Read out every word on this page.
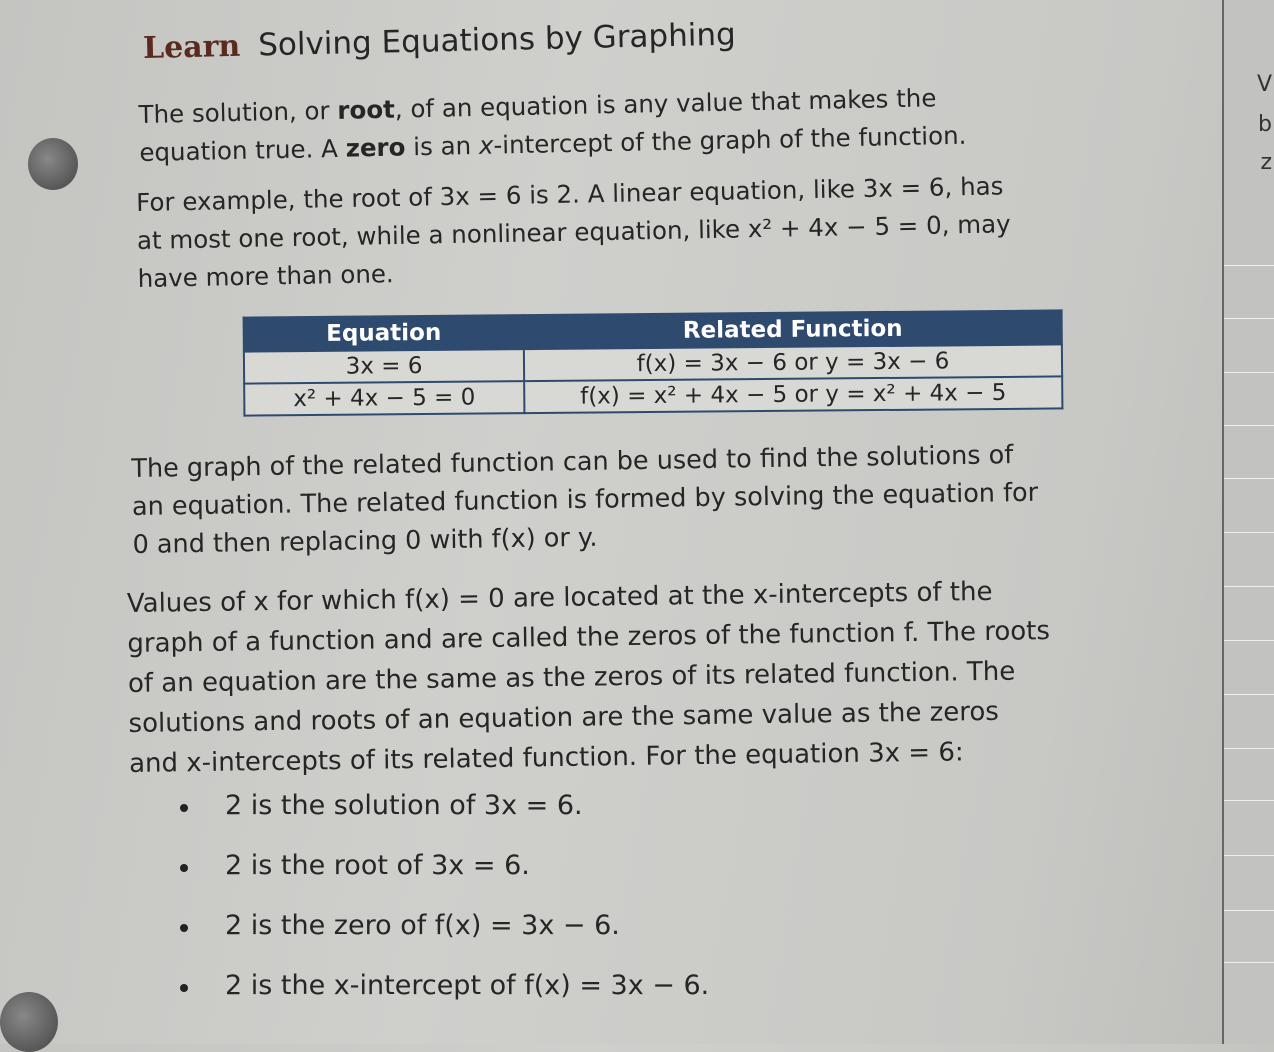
Learn Solving Equations by Graphing
The solution, or root, of an equation is any value that makes the
equation true. A zero is an x-intercept of the graph of the function.
For example, the root of 3x = 6 is 2. A linear equation, like 3x = 6, has
at most one root, while a nonlinear equation, like x² + 4x − 5 = 0, may
have more than one.
Equation	Related Function
3x = 6	f(x) = 3x − 6 or y = 3x − 6
x² + 4x − 5 = 0	f(x) = x² + 4x − 5 or y = x² + 4x − 5
The graph of the related function can be used to find the solutions of
an equation. The related function is formed by solving the equation for
0 and then replacing 0 with f(x) or y.
Values of x for which f(x) = 0 are located at the x-intercepts of the
graph of a function and are called the zeros of the function f. The roots
of an equation are the same as the zeros of its related function. The
solutions and roots of an equation are the same value as the zeros
and x-intercepts of its related function. For the equation 3x = 6:
2 is the solution of 3x = 6.
2 is the root of 3x = 6.
2 is the zero of f(x) = 3x − 6.
2 is the x-intercept of f(x) = 3x − 6.
V
b
z
